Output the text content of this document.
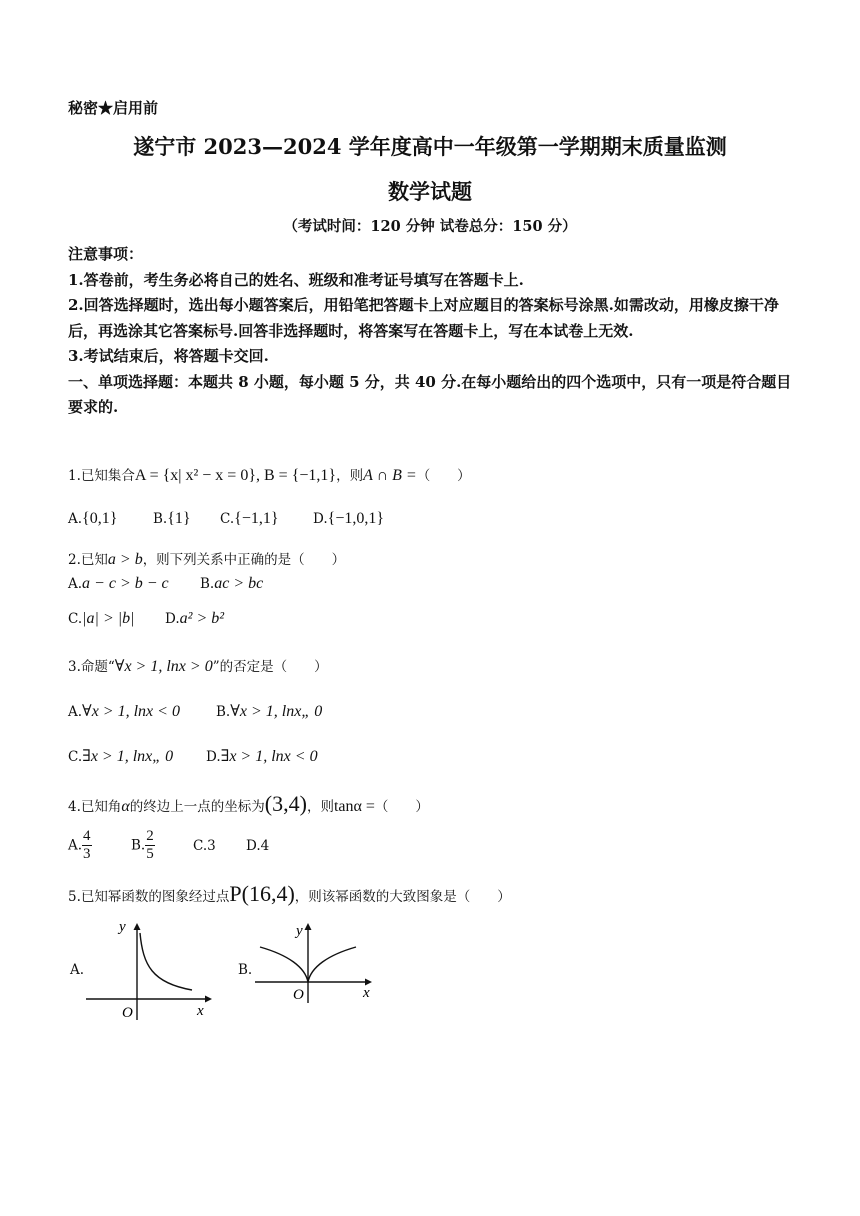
秘密★启用前
遂宁市 2023—2024 学年度高中一年级第一学期期末质量监测
数学试题
（考试时间：120 分钟 试卷总分：150 分）

注意事项：

1.答卷前，考生务必将自己的姓名、班级和准考证号填写在答题卡上.

2.回答选择题时，选出每小题答案后，用铅笔把答题卡上对应题目的答案标号涂黑.如需改动，用橡皮擦干净后，再选涂其它答案标号.回答非选择题时，将答案写在答题卡上，写在本试卷上无效.

3.考试结束后，将答题卡交回.

一、单项选择题：本题共 8 小题，每小题 5 分，共 40 分.在每小题给出的四个选项中，只有一项是符合题目要求的.

1.已知集合A = {x| x² − x = 0}, B = {−1,1}，则A ∩ B =（　　）
A.{0,1}	B.{1} C.{−1,1}	D.{−1,0,1}
2.已知a > b，则下列关系中正确的是（　　）
A.a − c > b − c B.ac > bc
C.|a| > |b| D.a² > b²
3.命题“∀x > 1, lnx > 0”的否定是（　　）
A.∀x > 1, lnx < 0	B.∀x > 1, lnx„ 0
C.∃x > 1, lnx„ 0 D.∃x > 1, lnx < 0
4.已知角α的终边上一点的坐标为(3,4)，则tanα =（　　）
A. $\frac{4}{3}$	B. $\frac{2}{5}$	C.3 D.4
5.已知幂函数的图象经过点P(16,4)，则该幂函数的大致图象是（　　）
A.
y
x
O
B.
y
x
O
